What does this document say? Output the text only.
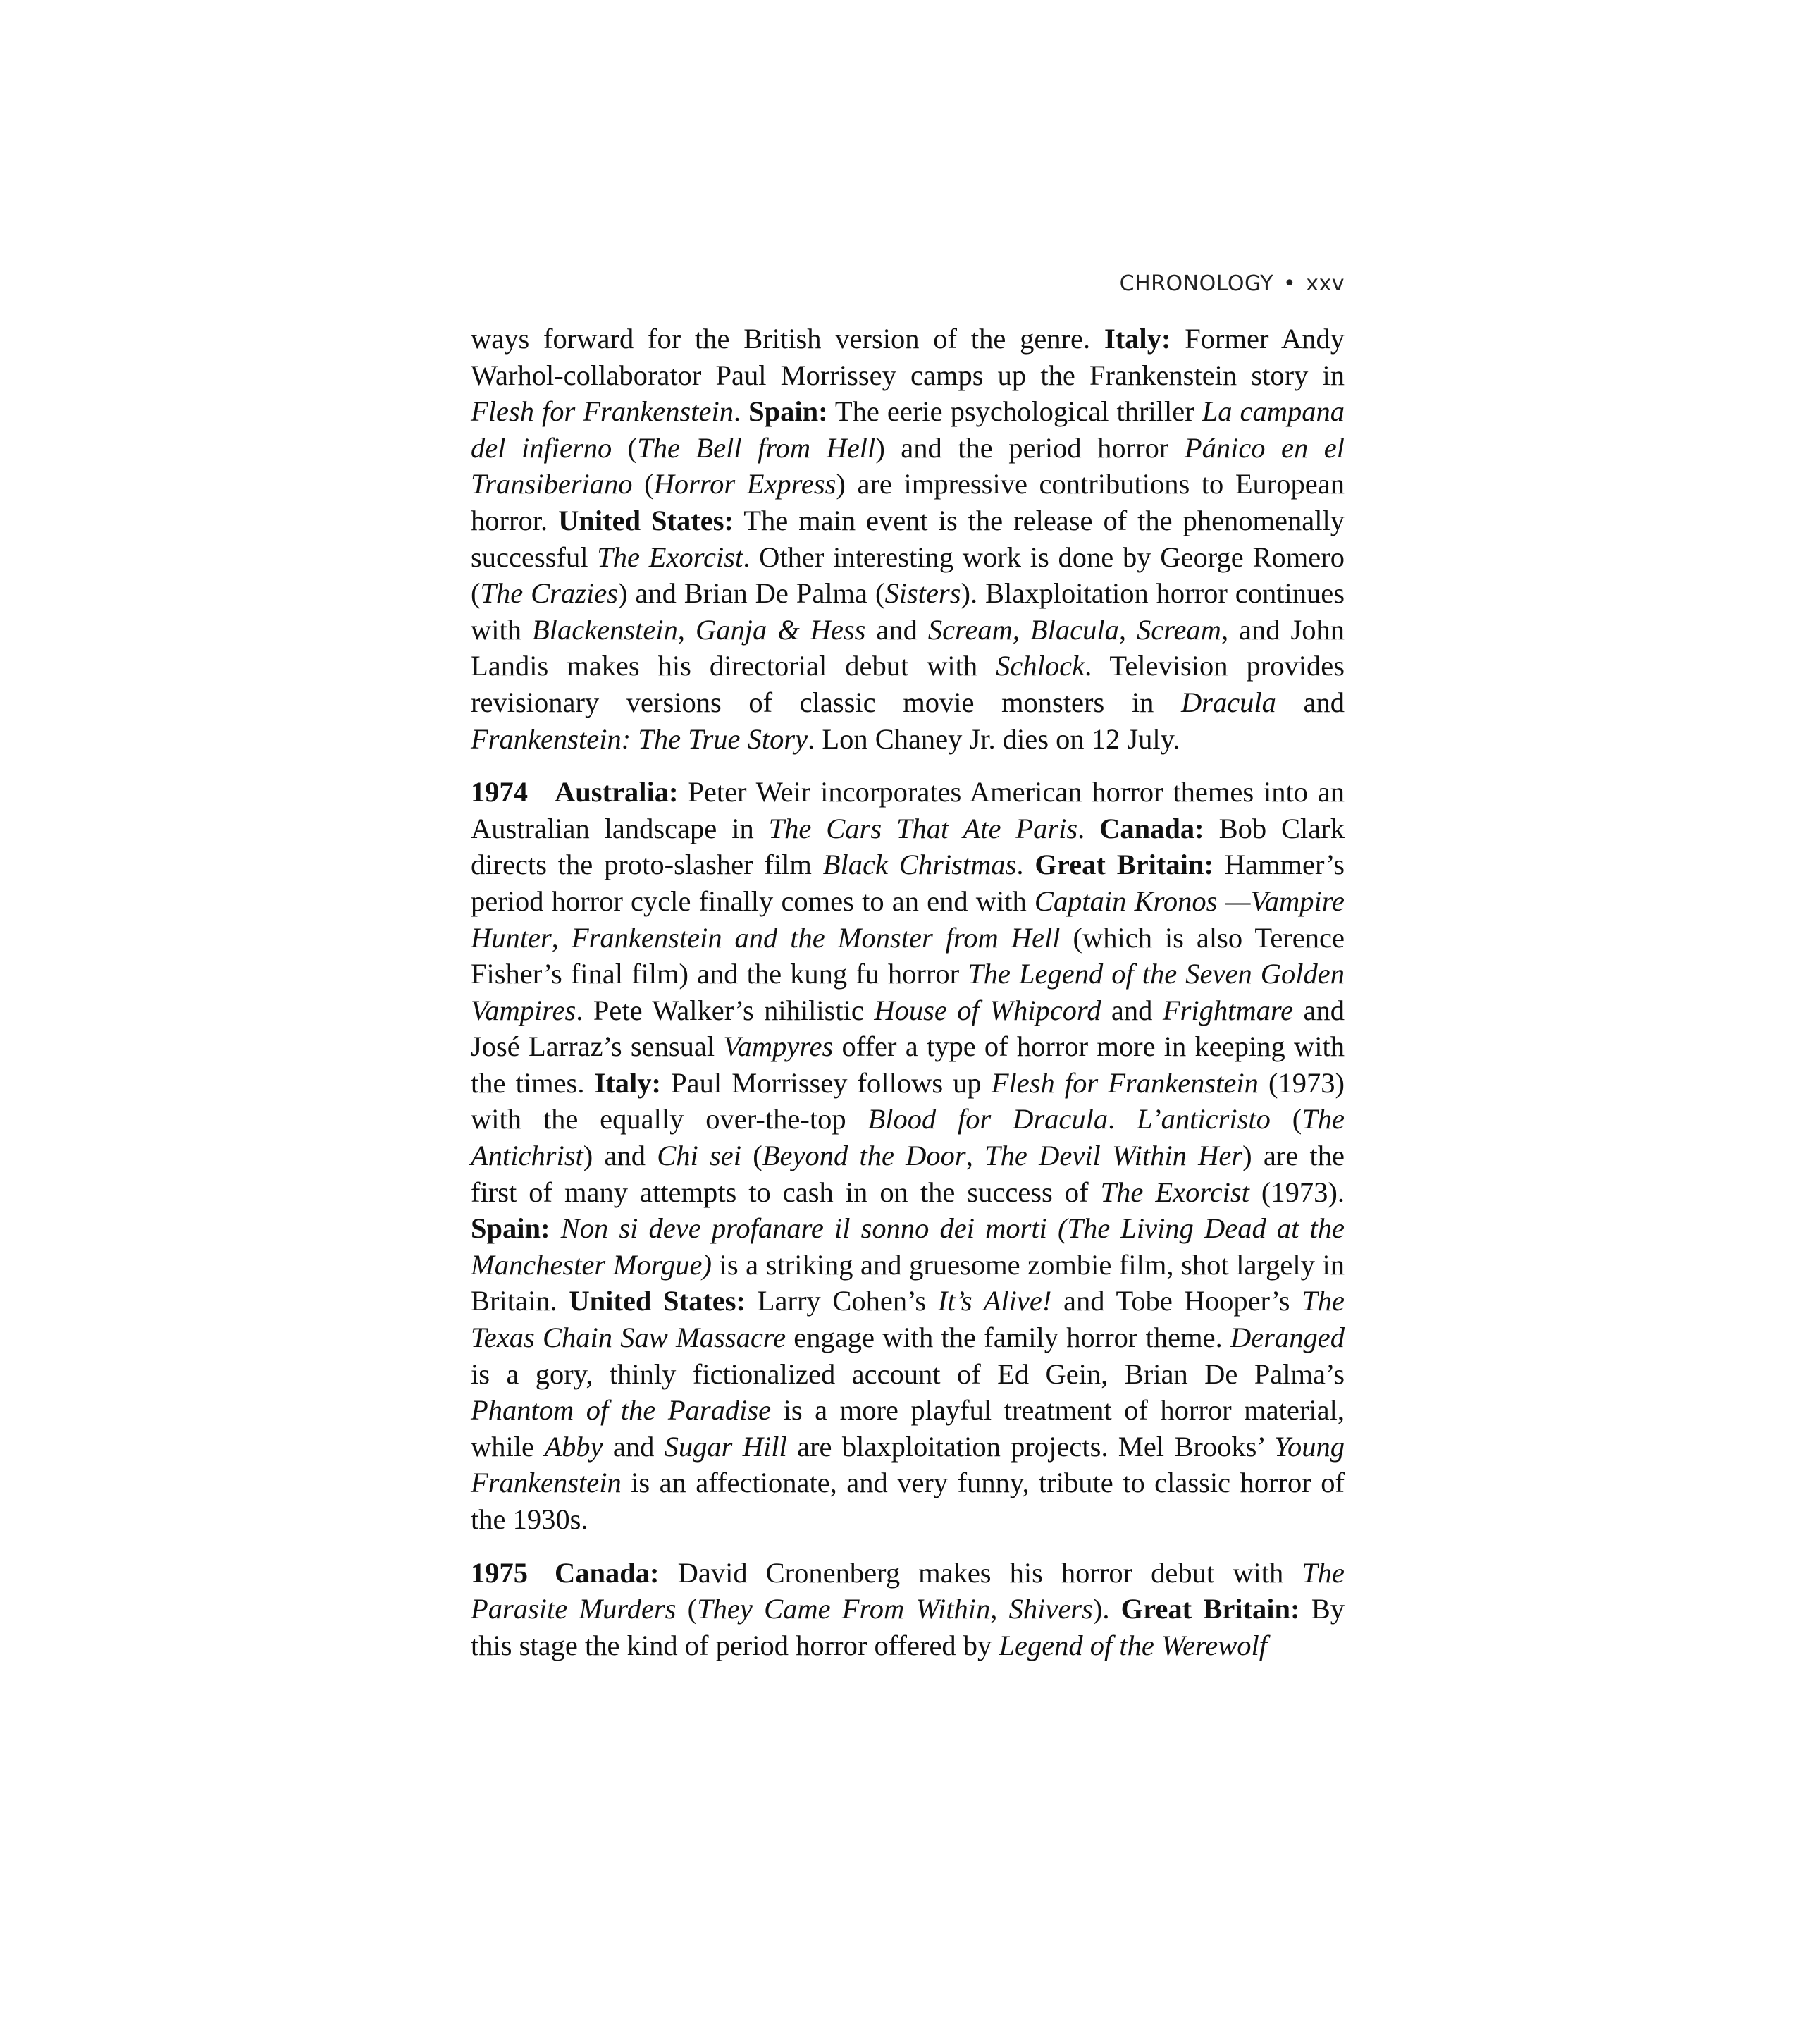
CHRONOLOGY • xxv

ways forward for the British version of the genre. Italy: Former Andy Warhol-collaborator Paul Morrissey camps up the Frankenstein story in Flesh for Frankenstein. Spain: The eerie psychological thriller La campana del infierno (The Bell from Hell) and the period horror Pánico en el Transiberiano (Horror Express) are impressive contributions to European horror. United States: The main event is the release of the phenomenally successful The Exorcist. Other interesting work is done by George Romero (The Crazies) and Brian De Palma (Sisters). Blaxploitation horror continues with Blackenstein, Ganja & Hess and Scream, Blacula, Scream, and John Landis makes his directorial debut with Schlock. Television provides revisionary versions of classic movie monsters in Dracula and Frankenstein: The True Story. Lon Chaney Jr. dies on 12 July.

1974 Australia: Peter Weir incorporates American horror themes into an Australian landscape in The Cars That Ate Paris. Canada: Bob Clark directs the proto-slasher film Black Christmas. Great Britain: Hammer’s period horror cycle finally comes to an end with Captain Kronos —Vampire Hunter, Frankenstein and the Monster from Hell (which is also Terence Fisher’s final film) and the kung fu horror The Legend of the Seven Golden Vampires. Pete Walker’s nihilistic House of Whipcord and Frightmare and José Larraz’s sensual Vampyres offer a type of horror more in keeping with the times. Italy: Paul Morrissey follows up Flesh for Frankenstein (1973) with the equally over-the-top Blood for Dracula. L’anticristo (The Antichrist) and Chi sei (Beyond the Door, The Devil Within Her) are the first of many attempts to cash in on the success of The Exorcist (1973). Spain: Non si deve profanare il sonno dei morti (The Living Dead at the Manchester Morgue) is a striking and gruesome zombie film, shot largely in Britain. United States: Larry Cohen’s It’s Alive! and Tobe Hooper’s The Texas Chain Saw Massacre engage with the family horror theme. Deranged is a gory, thinly fictionalized account of Ed Gein, Brian De Palma’s Phantom of the Paradise is a more playful treatment of horror material, while Abby and Sugar Hill are blaxploitation projects. Mel Brooks’ Young Frankenstein is an affectionate, and very funny, tribute to classic horror of the 1930s.

1975 Canada: David Cronenberg makes his horror debut with The Parasite Murders (They Came From Within, Shivers). Great Britain: By this stage the kind of period horror offered by Legend of the Werewolf
